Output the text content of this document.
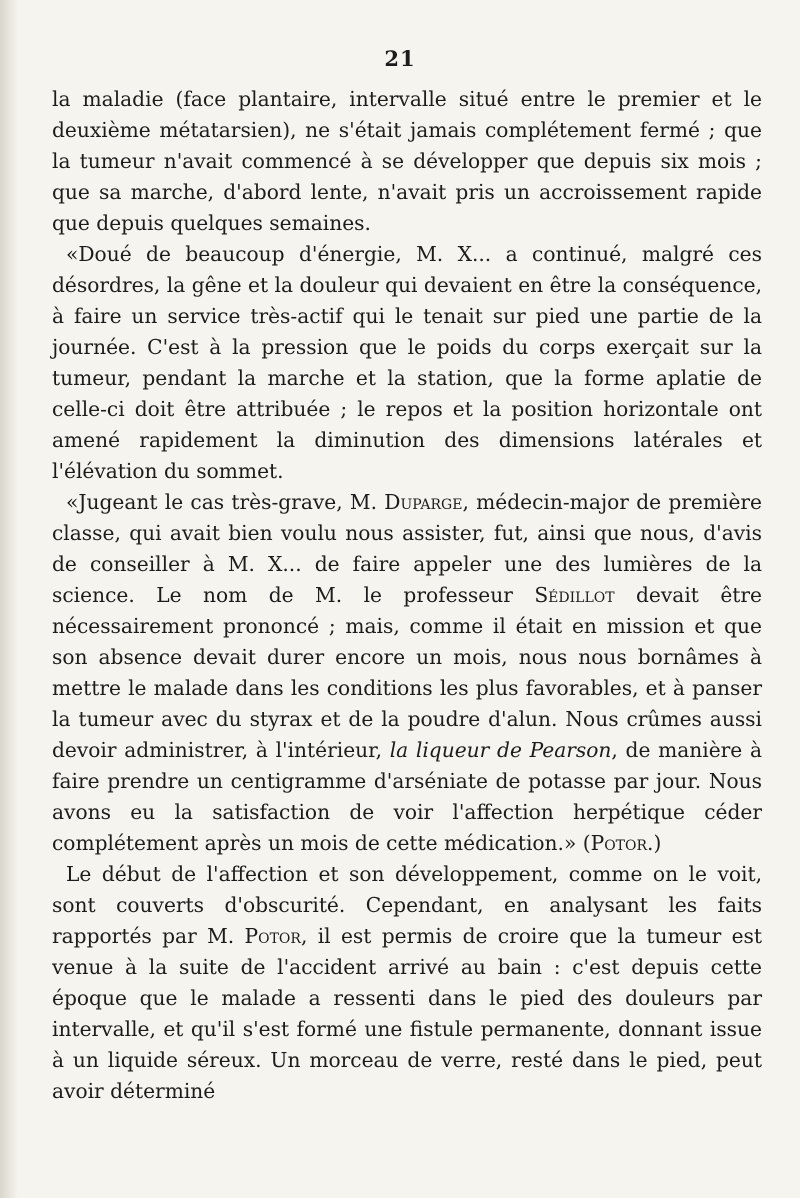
21

la maladie (face plantaire, intervalle situé entre le premier et le deuxième métatarsien), ne s'était jamais complétement fermé ; que la tumeur n'avait commencé à se développer que depuis six mois ; que sa marche, d'abord lente, n'avait pris un accroissement rapide que depuis quelques semaines.

«Doué de beaucoup d'énergie, M. X... a continué, malgré ces désordres, la gêne et la douleur qui devaient en être la conséquence, à faire un service très-actif qui le tenait sur pied une partie de la journée. C'est à la pression que le poids du corps exerçait sur la tumeur, pendant la marche et la station, que la forme aplatie de celle-ci doit être attribuée ; le repos et la position horizontale ont amené rapidement la diminution des dimensions latérales et l'élévation du sommet.

«Jugeant le cas très-grave, M. Duparge, médecin-major de première classe, qui avait bien voulu nous assister, fut, ainsi que nous, d'avis de conseiller à M. X... de faire appeler une des lumières de la science. Le nom de M. le professeur Sédillot devait être nécessairement prononcé ; mais, comme il était en mission et que son absence devait durer encore un mois, nous nous bornâmes à mettre le malade dans les conditions les plus favorables, et à panser la tumeur avec du styrax et de la poudre d'alun. Nous crûmes aussi devoir administrer, à l'intérieur, la liqueur de Pearson, de manière à faire prendre un centigramme d'arséniate de potasse par jour. Nous avons eu la satisfaction de voir l'affection herpétique céder complétement après un mois de cette médication.» (Potor.)

Le début de l'affection et son développement, comme on le voit, sont couverts d'obscurité. Cependant, en analysant les faits rapportés par M. Potor, il est permis de croire que la tumeur est venue à la suite de l'accident arrivé au bain : c'est depuis cette époque que le malade a ressenti dans le pied des douleurs par intervalle, et qu'il s'est formé une fistule permanente, donnant issue à un liquide séreux. Un morceau de verre, resté dans le pied, peut avoir déterminé
